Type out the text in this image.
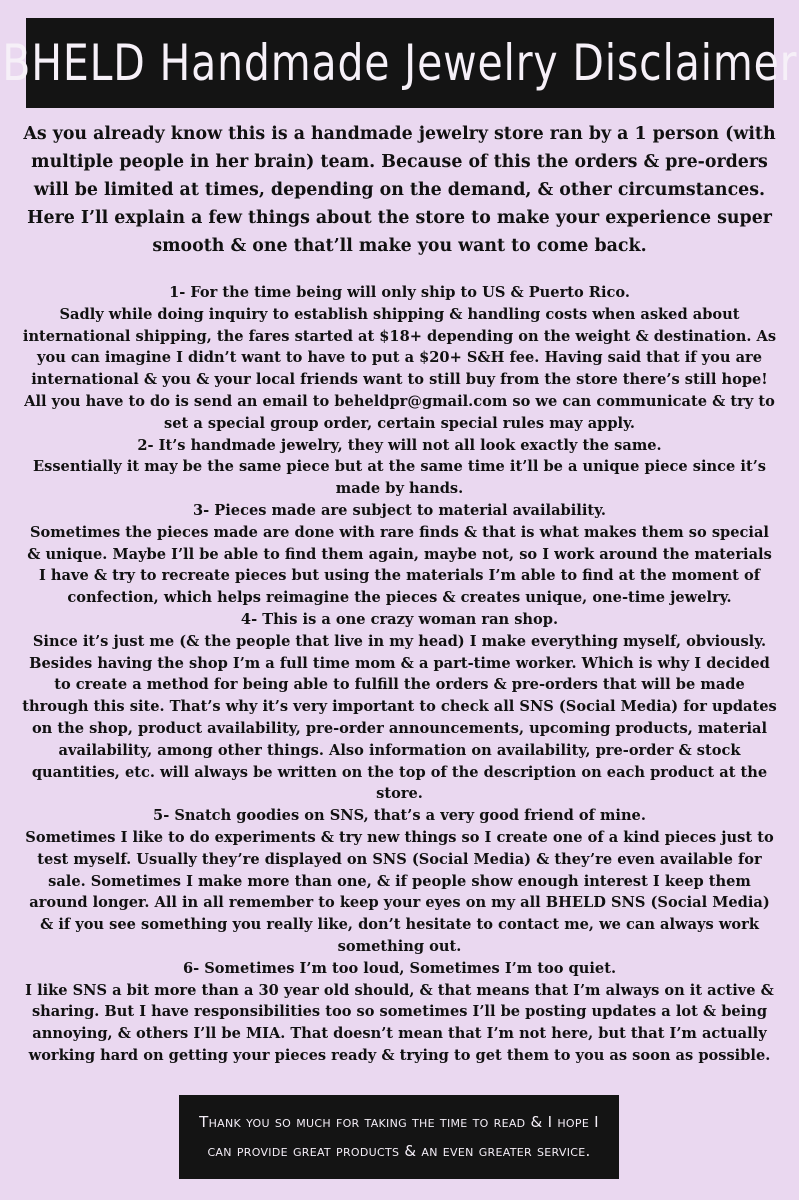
BHELD Handmade Jewelry Disclaimer

As you already know this is a handmade jewelry store ran by a 1 person (with multiple people in her brain) team. Because of this the orders & pre-orders will be limited at times, depending on the demand, & other circumstances. Here I’ll explain a few things about the store to make your experience super smooth & one that’ll make you want to come back.

1- For the time being will only ship to US & Puerto Rico.
Sadly while doing inquiry to establish shipping & handling costs when asked about international shipping, the fares started at $18+ depending on the weight & destination. As you can imagine I didn’t want to have to put a $20+ S&H fee. Having said that if you are international & you & your local friends want to still buy from the store there’s still hope! All you have to do is send an email to beheldpr@gmail.com so we can communicate & try to set a special group order, certain special rules may apply.

2- It’s handmade jewelry, they will not all look exactly the same.
Essentially it may be the same piece but at the same time it’ll be a unique piece since it’s made by hands.

3- Pieces made are subject to material availability.
Sometimes the pieces made are done with rare finds & that is what makes them so special & unique. Maybe I’ll be able to find them again, maybe not, so I work around the materials I have & try to recreate pieces but using the materials I’m able to find at the moment of confection, which helps reimagine the pieces & creates unique, one-time jewelry.

4- This is a one crazy woman ran shop.
Since it’s just me (& the people that live in my head) I make everything myself, obviously. Besides having the shop I’m a full time mom & a part-time worker. Which is why I decided to create a method for being able to fulfill the orders & pre-orders that will be made through this site. That’s why it’s very important to check all SNS (Social Media) for updates on the shop, product availability, pre-order announcements, upcoming products, material availability, among other things. Also information on availability, pre-order & stock quantities, etc. will always be written on the top of the description on each product at the store.

5- Snatch goodies on SNS, that’s a very good friend of mine.
Sometimes I like to do experiments & try new things so I create one of a kind pieces just to test myself. Usually they’re displayed on SNS (Social Media) & they’re even available for sale. Sometimes I make more than one, & if people show enough interest I keep them around longer. All in all remember to keep your eyes on my all BHELD SNS (Social Media) & if you see something you really like, don’t hesitate to contact me, we can always work something out.

6- Sometimes I’m too loud, Sometimes I’m too quiet.
I like SNS a bit more than a 30 year old should, & that means that I’m always on it active & sharing. But I have responsibilities too so sometimes I’ll be posting updates a lot & being annoying, & others I’ll be MIA. That doesn’t mean that I’m not here, but that I’m actually working hard on getting your pieces ready & trying to get them to you as soon as possible.

Thank you so much for taking the time to read & I hope I can provide great products & an even greater service.
